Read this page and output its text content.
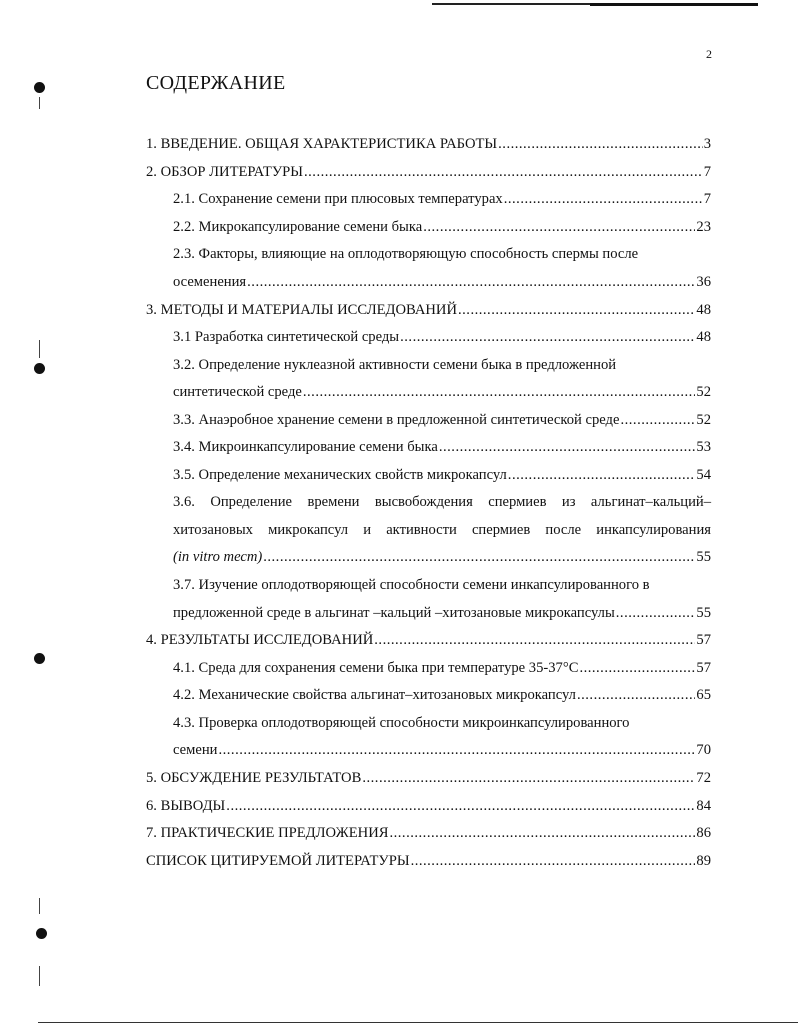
2
СОДЕРЖАНИЕ
1. ВВЕДЕНИЕ. ОБЩАЯ ХАРАКТЕРИСТИКА РАБОТЫ .....	3
2. ОБЗОР ЛИТЕРАТУРЫ .....	7
2.1. Сохранение семени при плюсовых температурах .....	7
2.2. Микрокапсулирование семени быка .....	23
2.3. Факторы, влияющие на оплодотворяющую способность спермы после
осеменения .....	36
3. МЕТОДЫ И МАТЕРИАЛЫ ИССЛЕДОВАНИЙ .....	48
3.1 Разработка синтетической среды .....	48
3.2. Определение нуклеазной активности семени быка в предложенной
синтетической среде .....	52
3.3. Анаэробное хранение семени в предложенной синтетической среде .....	52
3.4. Микроинкапсулирование семени быка .....	53
3.5. Определение механических свойств микрокапсул .....	54
3.6. Определение времени высвобождения спермиев из альгинат–кальций–
хитозановых микрокапсул и активности спермиев после инкапсулирования
(in vitro тест) .....	55
3.7. Изучение оплодотворяющей способности семени инкапсулированного в
предложенной среде в альгинат –кальций –хитозановые микрокапсулы .....	55
4. РЕЗУЛЬТАТЫ ИССЛЕДОВАНИЙ .....	57
4.1. Среда для сохранения семени быка при температуре 35-37°С .....	57
4.2. Механические свойства альгинат–хитозановых микрокапсул .....	65
4.3. Проверка оплодотворяющей способности микроинкапсулированного
семени .....	70
5. ОБСУЖДЕНИЕ РЕЗУЛЬТАТОВ .....	72
6. ВЫВОДЫ .....	84
7. ПРАКТИЧЕСКИЕ ПРЕДЛОЖЕНИЯ .....	86
СПИСОК ЦИТИРУЕМОЙ ЛИТЕРАТУРЫ .....	89
